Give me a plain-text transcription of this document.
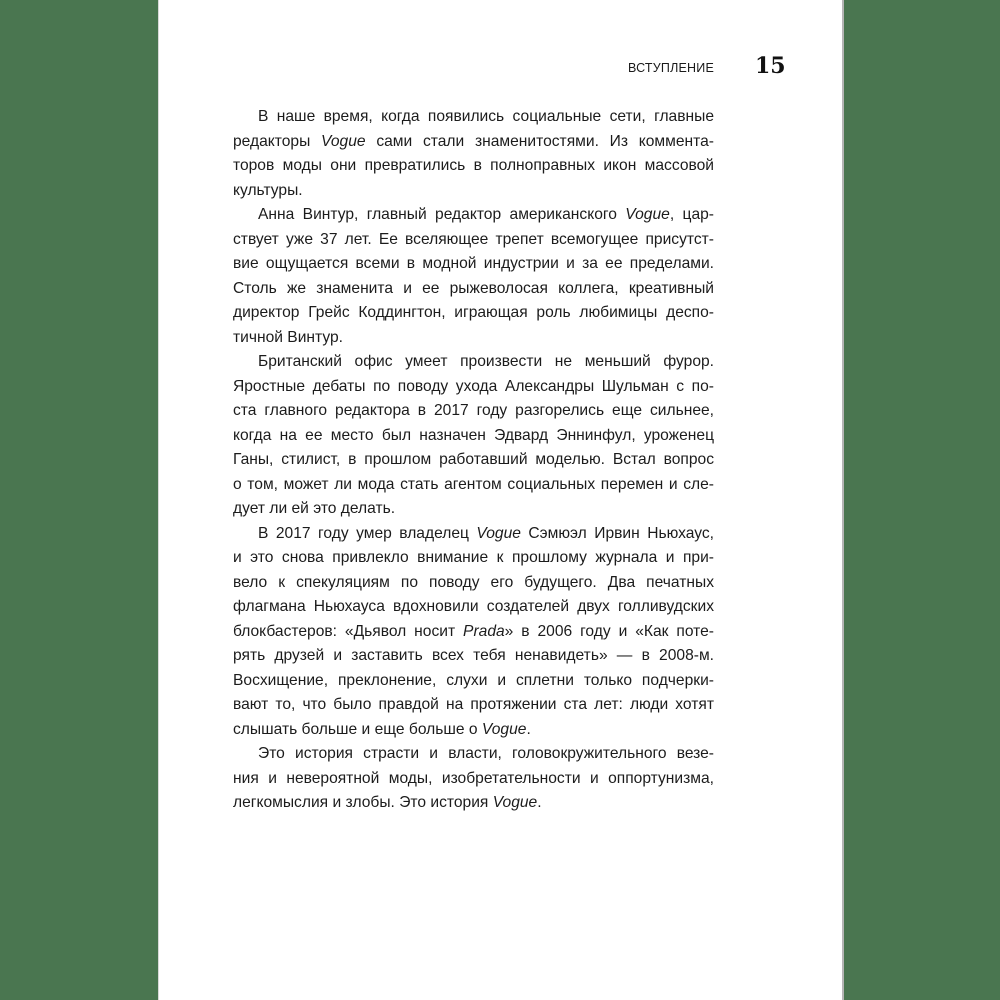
ВСТУПЛЕНИЕ 15
В наше время, когда появились социальные сети, главные
редакторы Vogue сами стали знаменитостями. Из коммента-
торов моды они превратились в полноправных икон массовой
культуры.
Анна Винтур, главный редактор американского Vogue, цар-
ствует уже 37 лет. Ее вселяющее трепет всемогущее присутст-
вие ощущается всеми в модной индустрии и за ее пределами.
Столь же знаменита и ее рыжеволосая коллега, креативный
директор Грейс Коддингтон, играющая роль любимицы деспо-
тичной Винтур.
Британский офис умеет произвести не меньший фурор.
Яростные дебаты по поводу ухода Александры Шульман с по-
ста главного редактора в 2017 году разгорелись еще сильнее,
когда на ее место был назначен Эдвард Эннинфул, уроженец
Ганы, стилист, в прошлом работавший моделью. Встал вопрос
о том, может ли мода стать агентом социальных перемен и сле-
дует ли ей это делать.
В 2017 году умер владелец Vogue Сэмюэл Ирвин Ньюхаус,
и это снова привлекло внимание к прошлому журнала и при-
вело к спекуляциям по поводу его будущего. Два печатных
флагмана Ньюхауса вдохновили создателей двух голливудских
блокбастеров: «Дьявол носит Prada» в 2006 году и «Как поте-
рять друзей и заставить всех тебя ненавидеть» — в 2008-м.
Восхищение, преклонение, слухи и сплетни только подчерки-
вают то, что было правдой на протяжении ста лет: люди хотят
слышать больше и еще больше о Vogue.
Это история страсти и власти, головокружительного везе-
ния и невероятной моды, изобретательности и оппортунизма,
легкомыслия и злобы. Это история Vogue.
